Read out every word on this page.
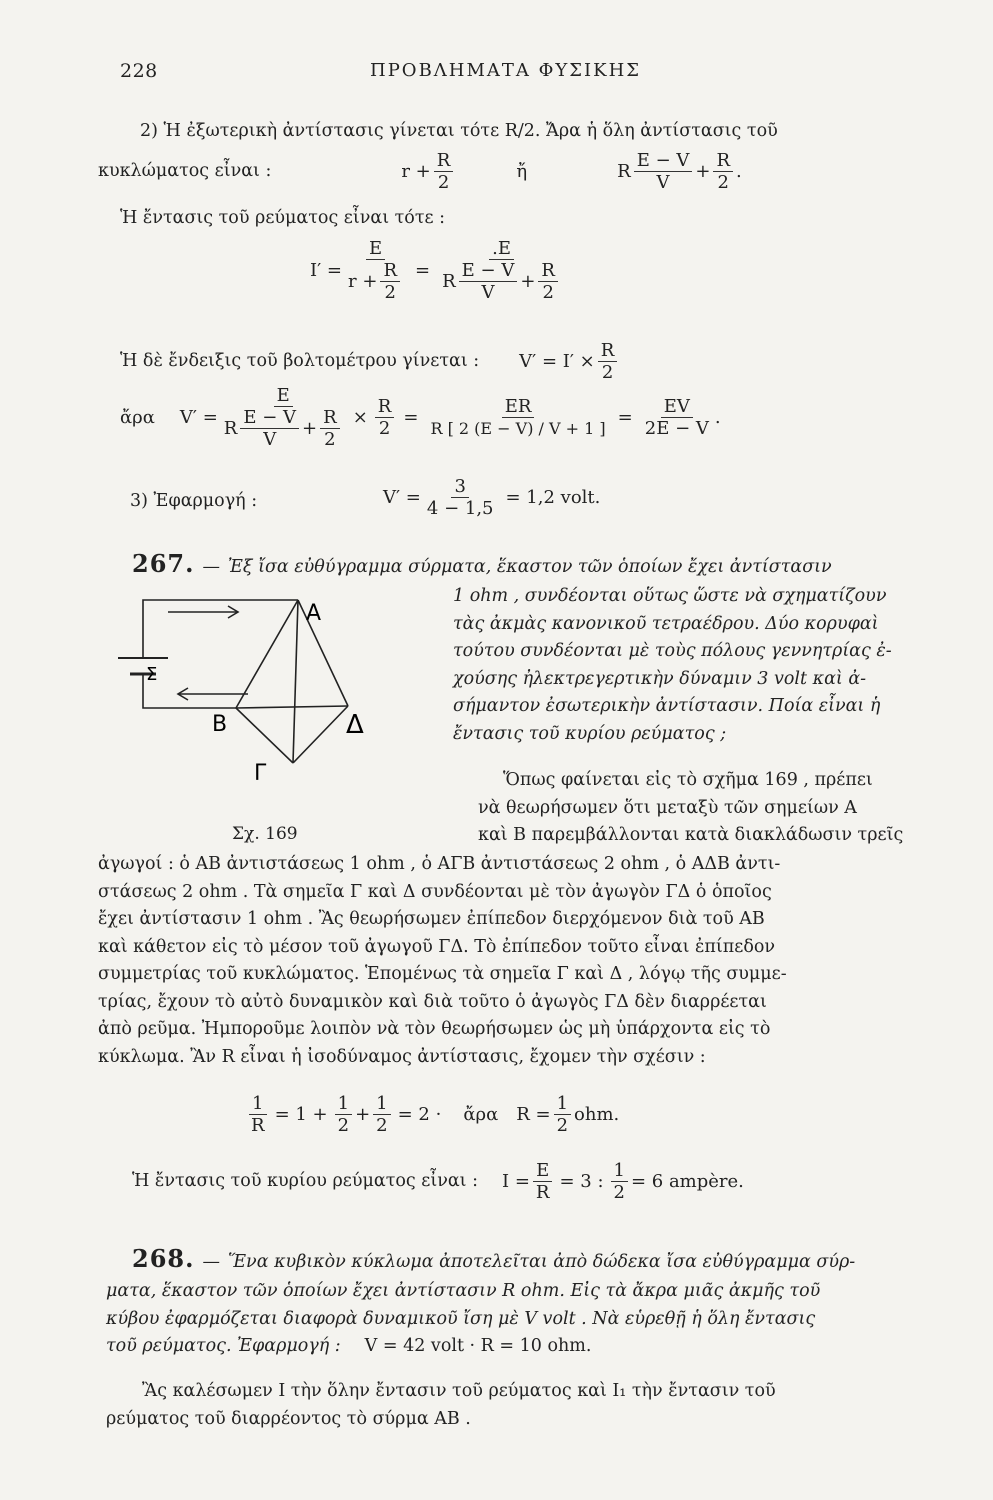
228	ΠΡΟΒΛΗΜΑΤΑ ΦΥΣΙΚΗΣ
2) Ἡ ἐξωτερικὴ ἀντίστασις γίνεται τότε R/2. Ἄρα ἡ ὅλη ἀντίστασις τοῦ
κυκλώματος εἶναι :	$r + \frac{R}{2}$	ἤ	R $\frac{E - V}{V} + \frac{R}{2}$ .
Ἡ ἔντασις τοῦ ρεύματος εἶναι τότε :
$I' = \frac{E}{r + \frac{R}{2}} = \frac{.E}{R \frac{E - V}{V} + \frac{R}{2}}$
Ἡ δὲ ἔνδειξις τοῦ βολτομέτρου γίνεται : $V' = I' \times \frac{R}{2}$
ἄρα $V' = \frac{E}{R \frac{E - V}{V} + \frac{R}{2}} \times \frac{R}{2} = \frac{ER}{R [ 2 (E - V) / V + 1 ]} = \frac{EV}{2E - V}$ .
3) Ἐφαρμογή :	$V' = \frac{3}{4 - 1,5} = 1,2$ volt.
267. — Ἐξ ἴσα εὐθύγραμμα σύρματα, ἕκαστον τῶν ὁποίων ἔχει ἀντίστασιν
1 ohm , συνδέονται οὕτως ὥστε νὰ σχηματίζουν
τὰς ἀκμὰς κανονικοῦ τετραέδρου. Δύο κορυφαὶ
τούτου συνδέονται μὲ τοὺς πόλους γεννητρίας ἐ-
χούσης ἠλεκτρεγερτικὴν δύναμιν 3 volt καὶ ἀ-
σήμαντον ἐσωτερικὴν ἀντίστασιν. Ποία εἶναι ἡ
ἔντασις τοῦ κυρίου ρεύματος ;
A
B	Δ
Γ
Σ
Σχ. 169
Ὅπως φαίνεται εἰς τὸ σχῆμα 169 , πρέπει
νὰ θεωρήσωμεν ὅτι μεταξὺ τῶν σημείων Α
καὶ Β παρεμβάλλονται κατὰ διακλάδωσιν τρεῖς
ἀγωγοί : ὁ ΑΒ ἀντιστάσεως 1 ohm , ὁ ΑΓΒ ἀντιστάσεως 2 ohm , ὁ ΑΔΒ ἀντι-
στάσεως 2 ohm . Τὰ σημεῖα Γ καὶ Δ συνδέονται μὲ τὸν ἀγωγὸν ΓΔ ὁ ὁποῖος
ἔχει ἀντίστασιν 1 ohm . Ἂς θεωρήσωμεν ἐπίπεδον διερχόμενον διὰ τοῦ ΑΒ
καὶ κάθετον εἰς τὸ μέσον τοῦ ἀγωγοῦ ΓΔ. Τὸ ἐπίπεδον τοῦτο εἶναι ἐπίπεδον
συμμετρίας τοῦ κυκλώματος. Ἑπομένως τὰ σημεῖα Γ καὶ Δ , λόγῳ τῆς συμμε-
τρίας, ἔχουν τὸ αὐτὸ δυναμικὸν καὶ διὰ τοῦτο ὁ ἀγωγὸς ΓΔ δὲν διαρρέεται
ἀπὸ ρεῦμα. Ἠμποροῦμε λοιπὸν νὰ τὸν θεωρήσωμεν ὡς μὴ ὑπάρχοντα εἰς τὸ
κύκλωμα. Ἂν R εἶναι ἡ ἰσοδύναμος ἀντίστασις, ἔχομεν τὴν σχέσιν :
$\frac{1}{R} = 1 + \frac{1}{2} + \frac{1}{2} = 2$ · ἄρα $R = \frac{1}{2}$ ohm.
Ἡ ἔντασις τοῦ κυρίου ρεύματος εἶναι : $I = \frac{E}{R} = 3$ : $\frac{1}{2} = 6$ ampère.
268. — Ἕνα κυβικὸν κύκλωμα ἀποτελεῖται ἀπὸ δώδεκα ἴσα εὐθύγραμμα σύρ-
ματα, ἕκαστον τῶν ὁποίων ἔχει ἀντίστασιν R ohm. Εἰς τὰ ἄκρα μιᾶς ἀκμῆς τοῦ
κύβου ἐφαρμόζεται διαφορὰ δυναμικοῦ ἴση μὲ V volt . Νὰ εὑρεθῇ ἡ ὅλη ἔντασις
τοῦ ρεύματος. Ἐφαρμογή : V = 42 volt · R = 10 ohm.
Ἂς καλέσωμεν I τὴν ὅλην ἔντασιν τοῦ ρεύματος καὶ I₁ τὴν ἔντασιν τοῦ
ρεύματος τοῦ διαρρέοντος τὸ σύρμα ΑΒ .
